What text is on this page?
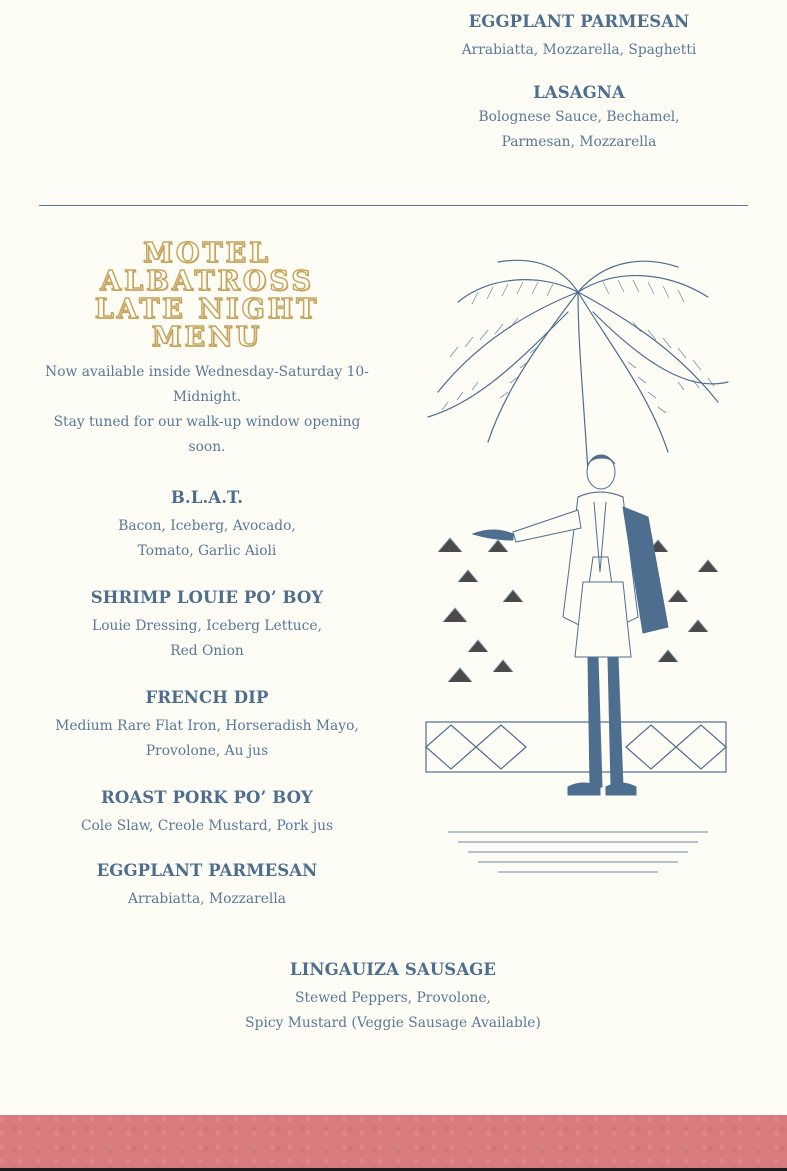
EGGPLANT PARMESAN

Arrabiatta, Mozzarella, Spaghetti

LASAGNA

Bolognese Sauce, Bechamel,
Parmesan, Mozzarella

MOTEL ALBATROSS LATE NIGHT MENU

Now available inside Wednesday-Saturday 10-Midnight.

Stay tuned for our walk-up window opening soon.

B.L.A.T.

Bacon, Iceberg, Avocado,
Tomato, Garlic Aioli

SHRIMP LOUIE PO’ BOY

Louie Dressing, Iceberg Lettuce,
Red Onion

FRENCH DIP

Medium Rare Flat Iron, Horseradish Mayo,
Provolone, Au jus

ROAST PORK PO’ BOY

Cole Slaw, Creole Mustard, Pork jus

EGGPLANT PARMESAN

Arrabiatta, Mozzarella

LINGAUIZA SAUSAGE

Stewed Peppers, Provolone,
Spicy Mustard (Veggie Sausage Available)
